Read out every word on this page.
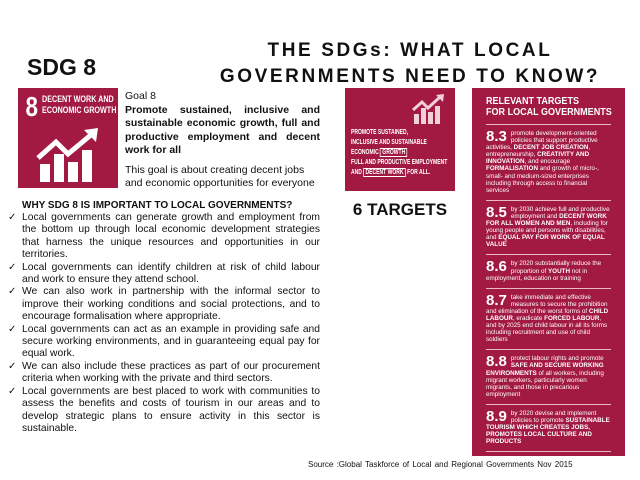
SDG 8
THE SDGs: WHAT LOCAL
GOVERNMENTS NEED TO KNOW?
8 DECENT WORK AND
ECONOMIC GROWTH
Goal 8
Promote sustained, inclusive and sustainable economic growth, full and productive employment and decent work for all
This goal is about creating decent jobs and economic opportunities for everyone
WHY SDG 8 IS IMPORTANT TO LOCAL GOVERNMENTS?
✓ Local governments can generate growth and employment from the bottom up through local economic development strategies that harness the unique resources and opportunities in our territories.
✓ Local governments can identify children at risk of child labour and work to ensure they attend school.
✓ We can also work in partnership with the informal sector to improve their working conditions and social protections, and to encourage formalisation where appropriate.
✓ Local governments can act as an example in providing safe and secure working environments, and in guaranteeing equal pay for equal work.
✓ We can also include these practices as part of our procurement criteria when working with the private and third sectors.
✓ Local governments are best placed to work with communities to assess the benefits and costs of tourism in our areas and to develop strategic plans to ensure activity in this sector is sustainable.
PROMOTE SUSTAINED,
INCLUSIVE AND SUSTAINABLE
ECONOMIC GROWTH
FULL AND PRODUCTIVE EMPLOYMENT
AND DECENT WORK FOR ALL.
6 TARGETS
RELEVANT TARGETS
FOR LOCAL GOVERNMENTS
8.3 promote development-oriented policies that support productive activities, DECENT JOB CREATION, entrepreneurship, CREATIVITY AND INNOVATION, and encourage FORMALISATION and growth of micro-, small- and medium-sized enterprises including through access to financial services
8.5 by 2030 achieve full and productive employment and DECENT WORK FOR ALL WOMEN AND MEN, including for young people and persons with disabilities, and EQUAL PAY FOR WORK OF EQUAL VALUE
8.6 by 2020 substantially reduce the proportion of YOUTH not in employment, education or training
8.7 take immediate and effective measures to secure the prohibition and elimination of the worst forms of CHILD LABOUR, eradicate FORCED LABOUR, and by 2025 end child labour in all its forms including recruitment and use of child soldiers
8.8 protect labour rights and promote SAFE AND SECURE WORKING ENVIRONMENTS of all workers, including migrant workers, particularly women migrants, and those in precarious employment
8.9 by 2020 devise and implement policies to promote SUSTAINABLE TOURISM WHICH CREATES JOBS, PROMOTES LOCAL CULTURE AND PRODUCTS
Source :Global Taskforce of Local and Regional Governments Nov 2015
